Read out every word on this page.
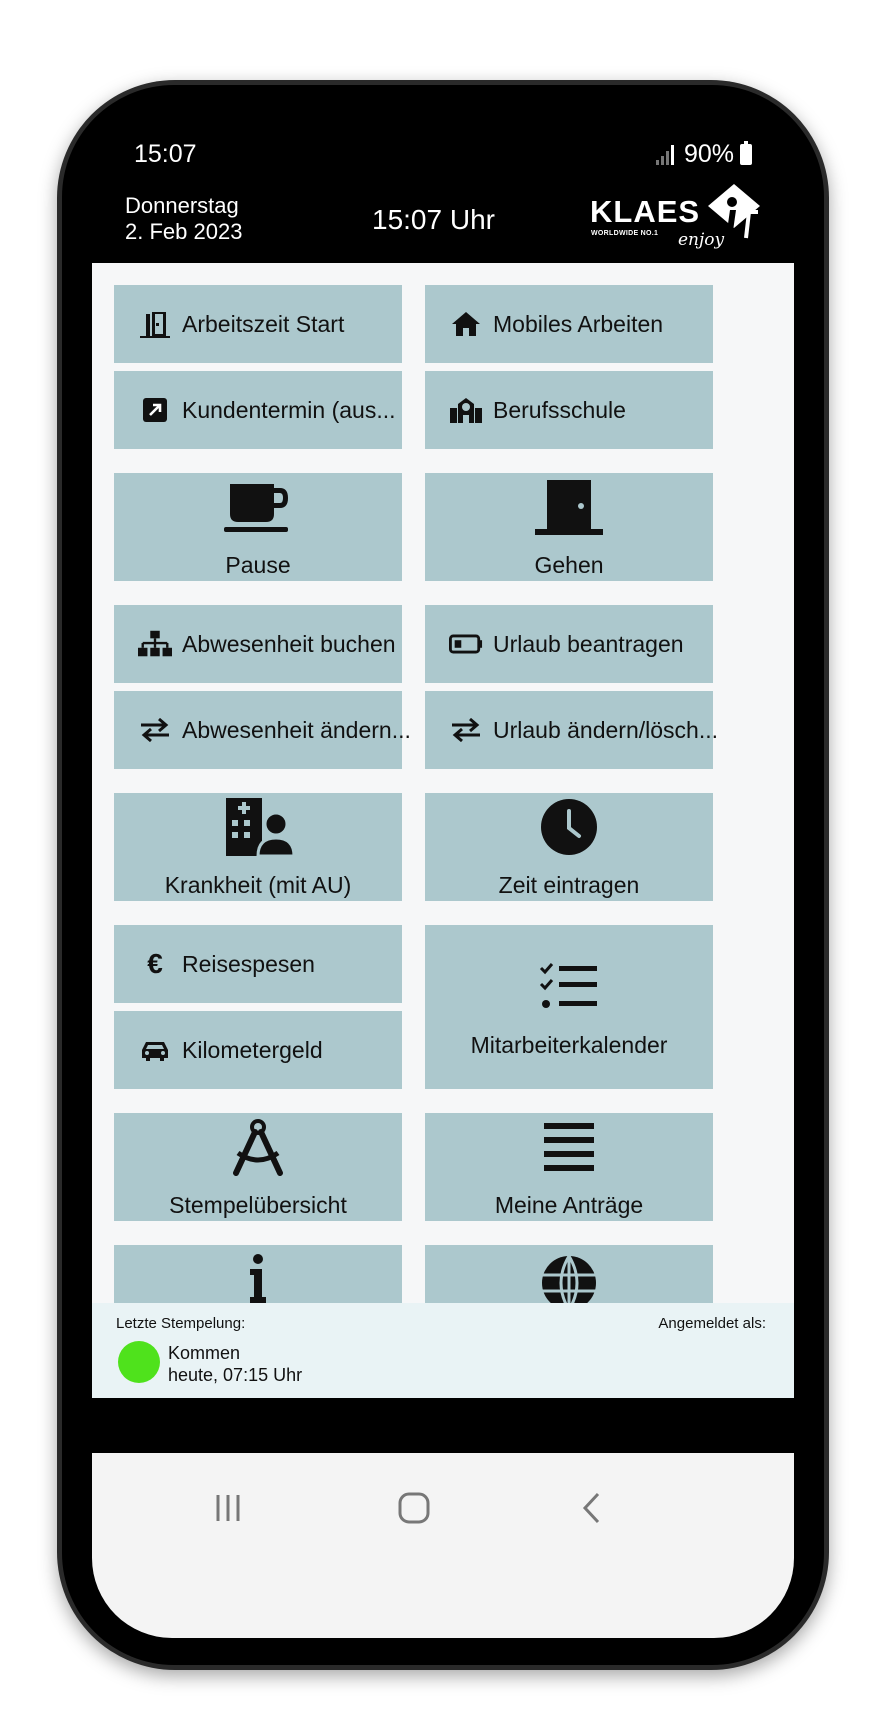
15:07	90%
Donnerstag
2. Feb 2023	15:07 Uhr	KLAES
WORLDWIDE NO.1 enjoy
Arbeitszeit Start	Mobiles Arbeiten
Kundentermin (aus...	Berufsschule
Pause	Gehen
Abwesenheit buchen	Urlaub beantragen
Abwesenheit ändern...	Urlaub ändern/lösch...
Krankheit (mit AU)	Zeit eintragen
€ Reisespesen
Kilometergeld	Mitarbeiterkalender
Stempelübersicht	Meine Anträge
Letzte Stempelung:	Angemeldet als:
Kommen
heute, 07:15 Uhr
